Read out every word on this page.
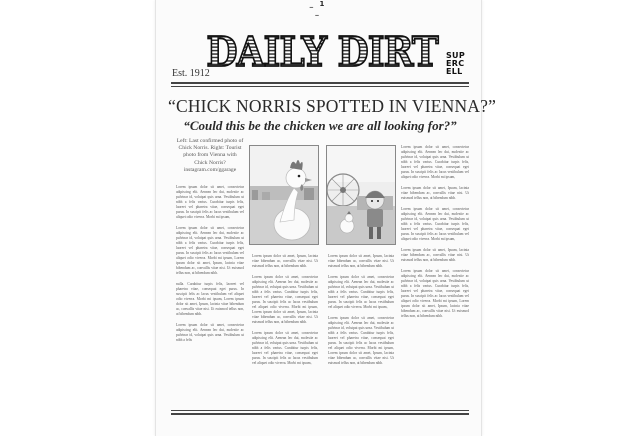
_ 1 _
DAILY DIRT
Est. 1912
SUP
ERC
ELL
“CHICK NORRIS SPOTTED IN VIENNA?”
“Could this be the chicken we are all looking for?”
Left: Last confirmed photo of Chick Norris. Right: Tourist photo from Vienna with Chick Norris? instagram.com/ggarage

Lorem ipsum dolor sit amet, consectetur adipiscing elit. Aenean leo dui, molestie ac pulvinar id, volutpat quis urna. Vestibulum ut nibh a felis varius. Curabitur turpis felis, laoreet vel pharetra vitae, consequat eget purus. In suscipit felis ac lacus vestibulum vel aliquet odio viverra. Morbi mi ipsum,

Lorem ipsum dolor sit amet, consectetur adipiscing elit. Aenean leo dui, molestie ac pulvinar id, volutpat quis urna. Vestibulum ut nibh a felis varius. Curabitur turpis felis, laoreet vel pharetra vitae, consequat eget purus. In suscipit felis ac lacus vestibulum vel aliquet odio viverra. Morbi mi ipsum, Lorem ipsum dolor sit amet, Ipsum, lacinia vitae bibendum ac, convallis vitae nisi. Ut euismod tellus non, at bibendum nibh.

nulla. Curabitur turpis felis, laoreet vel pharetra vitae, consequat eget purus. In suscipit felis ac lacus vestibulum vel aliquet odio viverra. Morbi mi ipsum, Lorem ipsum dolor sit amet, Ipsum, lacinia vitae bibendum ac, convallis vitae nisi. Ut euismod tellus non, at bibendum nibh.

Lorem ipsum dolor sit amet, consectetur adipiscing elit. Aenean leo dui, molestie ac pulvinar id, volutpat quis urna. Vestibulum ut nibh a felis

Lorem ipsum dolor sit amet, Ipsum, lacinia vitae bibendum ac, convallis vitae nisi. Ut euismod tellus non, at bibendum nibh.

Lorem ipsum dolor sit amet, consectetur adipiscing elit. Aenean leo dui, molestie ac pulvinar id, volutpat quis urna. Vestibulum ut nibh a felis varius. Curabitur turpis felis, laoreet vel pharetra vitae, consequat eget purus. In suscipit felis ac lacus vestibulum vel aliquet odio viverra. Morbi mi ipsum, Lorem ipsum dolor sit amet, Ipsum, lacinia vitae bibendum ac, convallis vitae nisi. Ut euismod tellus non, at bibendum nibh.

Lorem ipsum dolor sit amet, consectetur adipiscing elit. Aenean leo dui, molestie ac pulvinar id, volutpat quis urna. Vestibulum ut nibh a felis varius. Curabitur turpis felis, laoreet vel pharetra vitae, consequat eget purus. In suscipit felis ac lacus vestibulum vel aliquet odio viverra. Morbi mi ipsum,

Lorem ipsum dolor sit amet, Ipsum, lacinia vitae bibendum ac, convallis vitae nisi. Ut euismod tellus non, at bibendum nibh.

Lorem ipsum dolor sit amet, consectetur adipiscing elit. Aenean leo dui, molestie ac pulvinar id, volutpat quis urna. Vestibulum ut nibh a felis varius. Curabitur turpis felis, laoreet vel pharetra vitae, consequat eget purus. In suscipit felis ac lacus vestibulum vel aliquet odio viverra. Morbi mi ipsum,

Lorem ipsum dolor sit amet, consectetur adipiscing elit. Aenean leo dui, molestie ac pulvinar id, volutpat quis urna. Vestibulum ut nibh a felis varius. Curabitur turpis felis, laoreet vel pharetra vitae, consequat eget purus. In suscipit felis ac lacus vestibulum vel aliquet odio viverra. Morbi mi ipsum, Lorem ipsum dolor sit amet, Ipsum, lacinia vitae bibendum ac, convallis vitae nisi. Ut euismod tellus non, at bibendum nibh.

Lorem ipsum dolor sit amet, consectetur adipiscing elit. Aenean leo dui, molestie ac pulvinar id, volutpat quis urna. Vestibulum ut nibh a felis varius. Curabitur turpis felis, laoreet vel pharetra vitae, consequat eget purus. In suscipit felis ac lacus vestibulum vel aliquet odio viverra. Morbi mi ipsum,

Lorem ipsum dolor sit amet, Ipsum, lacinia vitae bibendum ac, convallis vitae nisi. Ut euismod tellus non, at bibendum nibh.

Lorem ipsum dolor sit amet, consectetur adipiscing elit. Aenean leo dui, molestie ac pulvinar id, volutpat quis urna. Vestibulum ut nibh a felis varius. Curabitur turpis felis, laoreet vel pharetra vitae, consequat eget purus. In suscipit felis ac lacus vestibulum vel aliquet odio viverra. Morbi mi ipsum,

Lorem ipsum dolor sit amet, Ipsum, lacinia vitae bibendum ac, convallis vitae nisi. Ut euismod tellus non, at bibendum nibh.

Lorem ipsum dolor sit amet, consectetur adipiscing elit. Aenean leo dui, molestie ac pulvinar id, volutpat quis urna. Vestibulum ut nibh a felis varius. Curabitur turpis felis, laoreet vel pharetra vitae, consequat eget purus. In suscipit felis ac lacus vestibulum vel aliquet odio viverra. Morbi mi ipsum, Lorem ipsum dolor sit amet, Ipsum, lacinia vitae bibendum ac, convallis vitae nisi. Ut euismod tellus non, at bibendum nibh.
